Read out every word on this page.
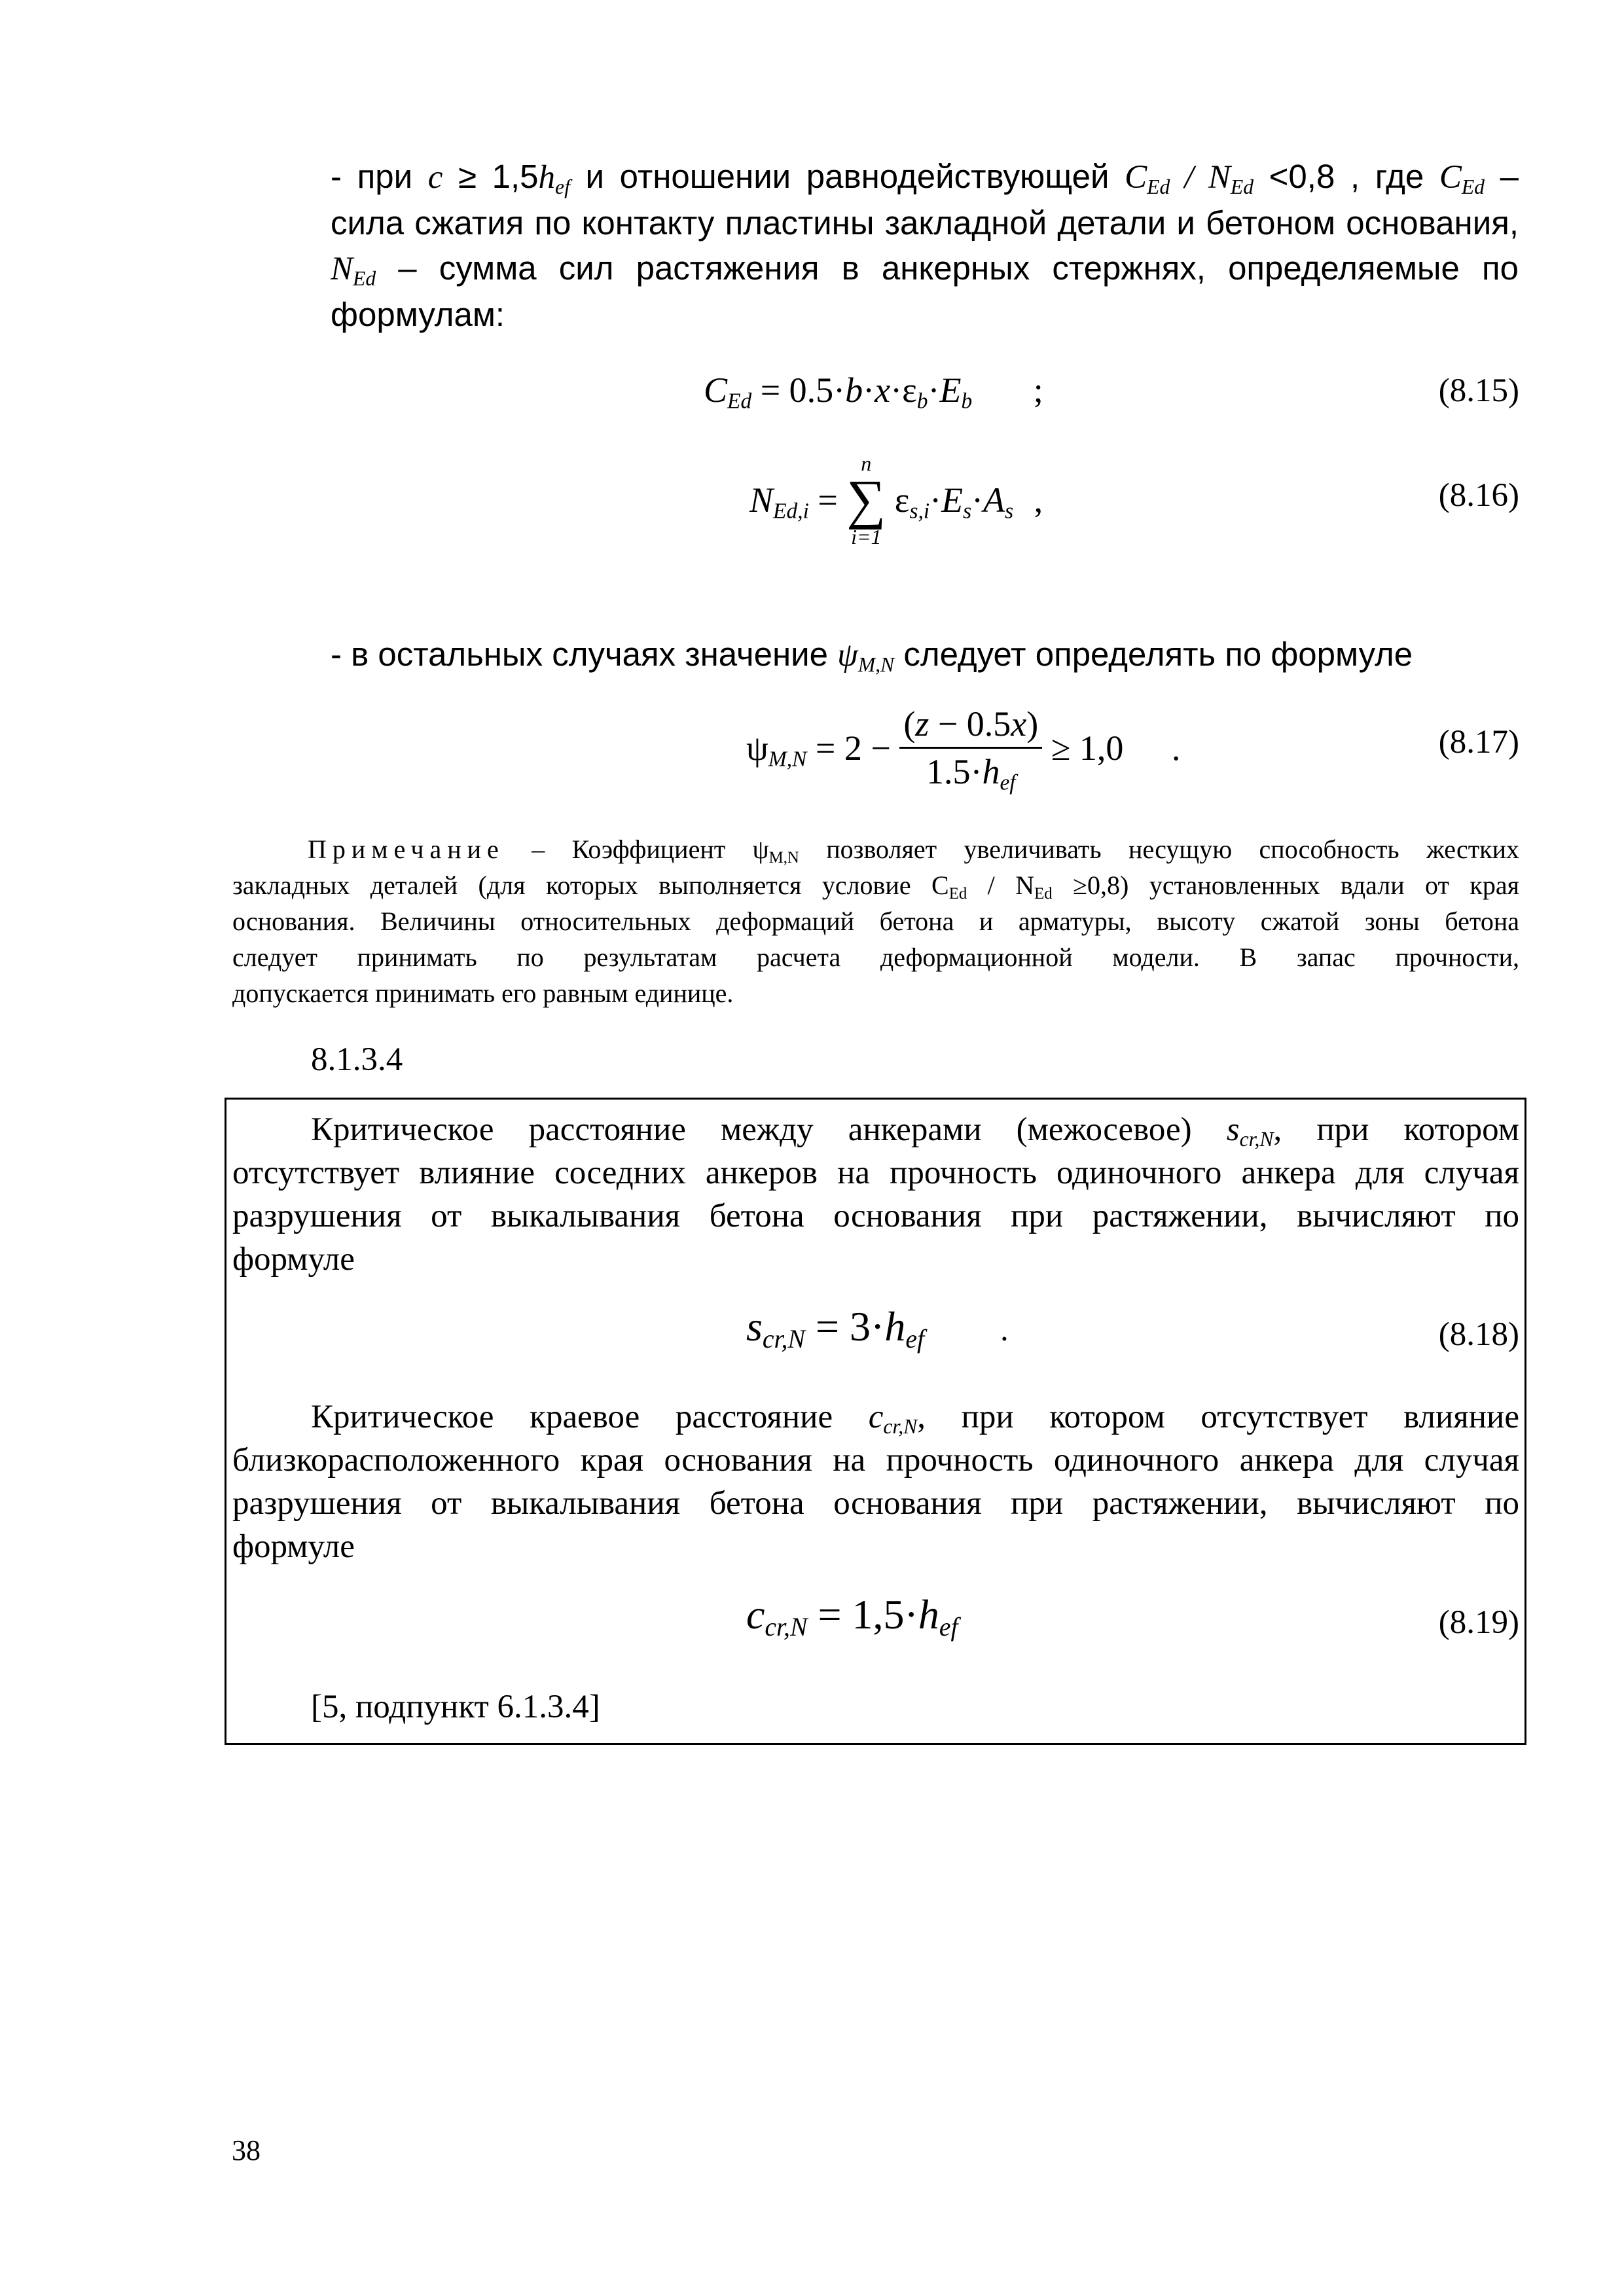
- при $c \ge 1,5h_{ef}$ и отношении равнодействующей $C_{Ed} / N_{Ed} <0,8$ , где $C_{Ed}$ –
сила сжатия по контакту пластины закладной детали и бетоном основания,
$N_{Ed}$ – сумма сил растяжения в анкерных стержнях, определяемые по
формулам:
$C_{Ed} = 0.5\cdot b\cdot x\cdot\varepsilon_b\cdot E_b$ ;	(8.15)
$N_{Ed,i}$ =
n
∑
i=1
$\varepsilon_{s,i}\cdot E_s\cdot A_s$ ,	(8.16)
- в остальных случаях значение $\psi_{M,N}$ следует определять по формуле
$\psi_{M,N} = 2 - \frac{(z - 0.5x)}{1.5\cdot h_{ef}} \ge 1,0$ .	(8.17)
Примечание – Коэффициент $\psi_{M,N}$ позволяет увеличивать несущую способность жестких
закладных деталей (для которых выполняется условие $C_{Ed} / N_{Ed} \ge 0,8$) установленных вдали от края
основания. Величины относительных деформаций бетона и арматуры, высоту сжатой зоны бетона
следует принимать по результатам расчета деформационной модели. В запас прочности,
допускается принимать его равным единице.
8.1.3.4
Критическое расстояние между анкерами (межосевое) $s_{cr,N}$, при котором
отсутствует влияние соседних анкеров на прочность одиночного анкера для случая
разрушения от выкалывания бетона основания при растяжении, вычисляют по
формуле
$s_{cr,N} = 3\cdot h_{ef}$ .	(8.18)
Критическое краевое расстояние $c_{cr,N}$, при котором отсутствует влияние
близкорасположенного края основания на прочность одиночного анкера для случая
разрушения от выкалывания бетона основания при растяжении, вычисляют по
формуле
$c_{cr,N} = 1,5\cdot h_{ef}$	(8.19)
[5, подпункт 6.1.3.4]
38
